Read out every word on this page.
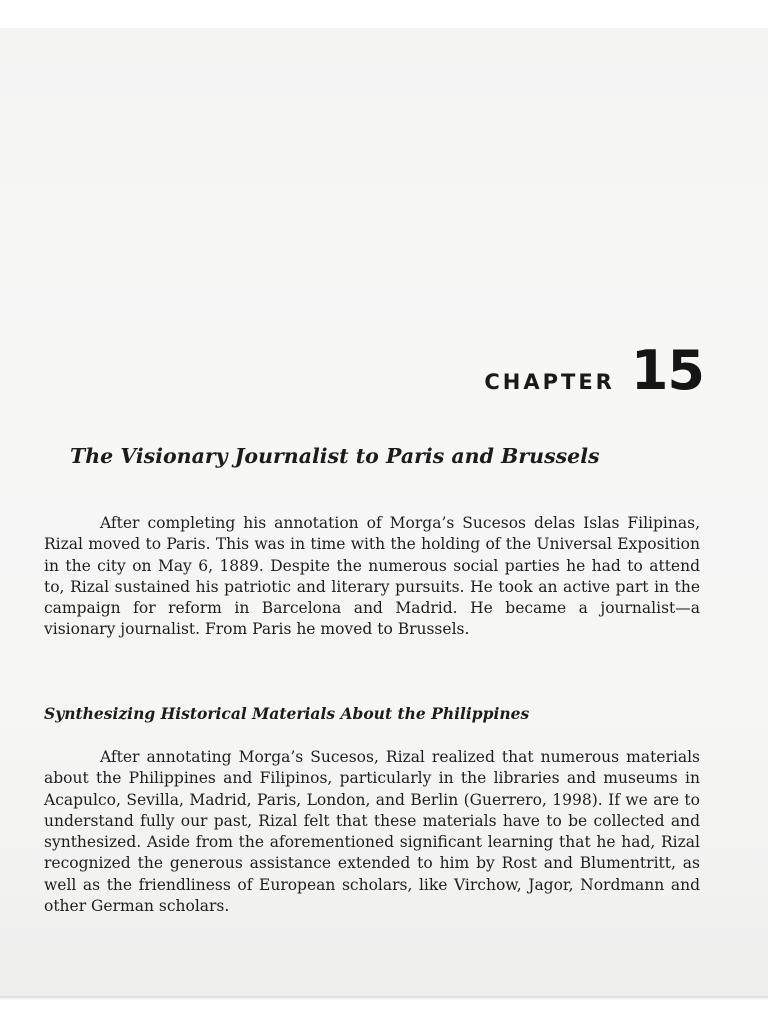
CHAPTER 15
The Visionary Journalist to Paris and Brussels

After completing his annotation of Morga’s Sucesos delas Islas Filipinas, Rizal moved to Paris. This was in time with the holding of the Universal Exposition in the city on May 6, 1889. Despite the numerous social parties he had to attend to, Rizal sustained his patriotic and literary pursuits. He took an active part in the campaign for reform in Barcelona and Madrid. He became a journalist—a visionary journalist. From Paris he moved to Brussels.

Synthesizing Historical Materials About the Philippines

After annotating Morga’s Sucesos, Rizal realized that numerous materials about the Philippines and Filipinos, particularly in the libraries and museums in Acapulco, Sevilla, Madrid, Paris, London, and Berlin (Guerrero, 1998). If we are to understand fully our past, Rizal felt that these materials have to be collected and synthesized. Aside from the aforementioned significant learning that he had, Rizal recognized the generous assistance extended to him by Rost and Blumentritt, as well as the friendliness of European scholars, like Virchow, Jagor, Nordmann and other German scholars.
